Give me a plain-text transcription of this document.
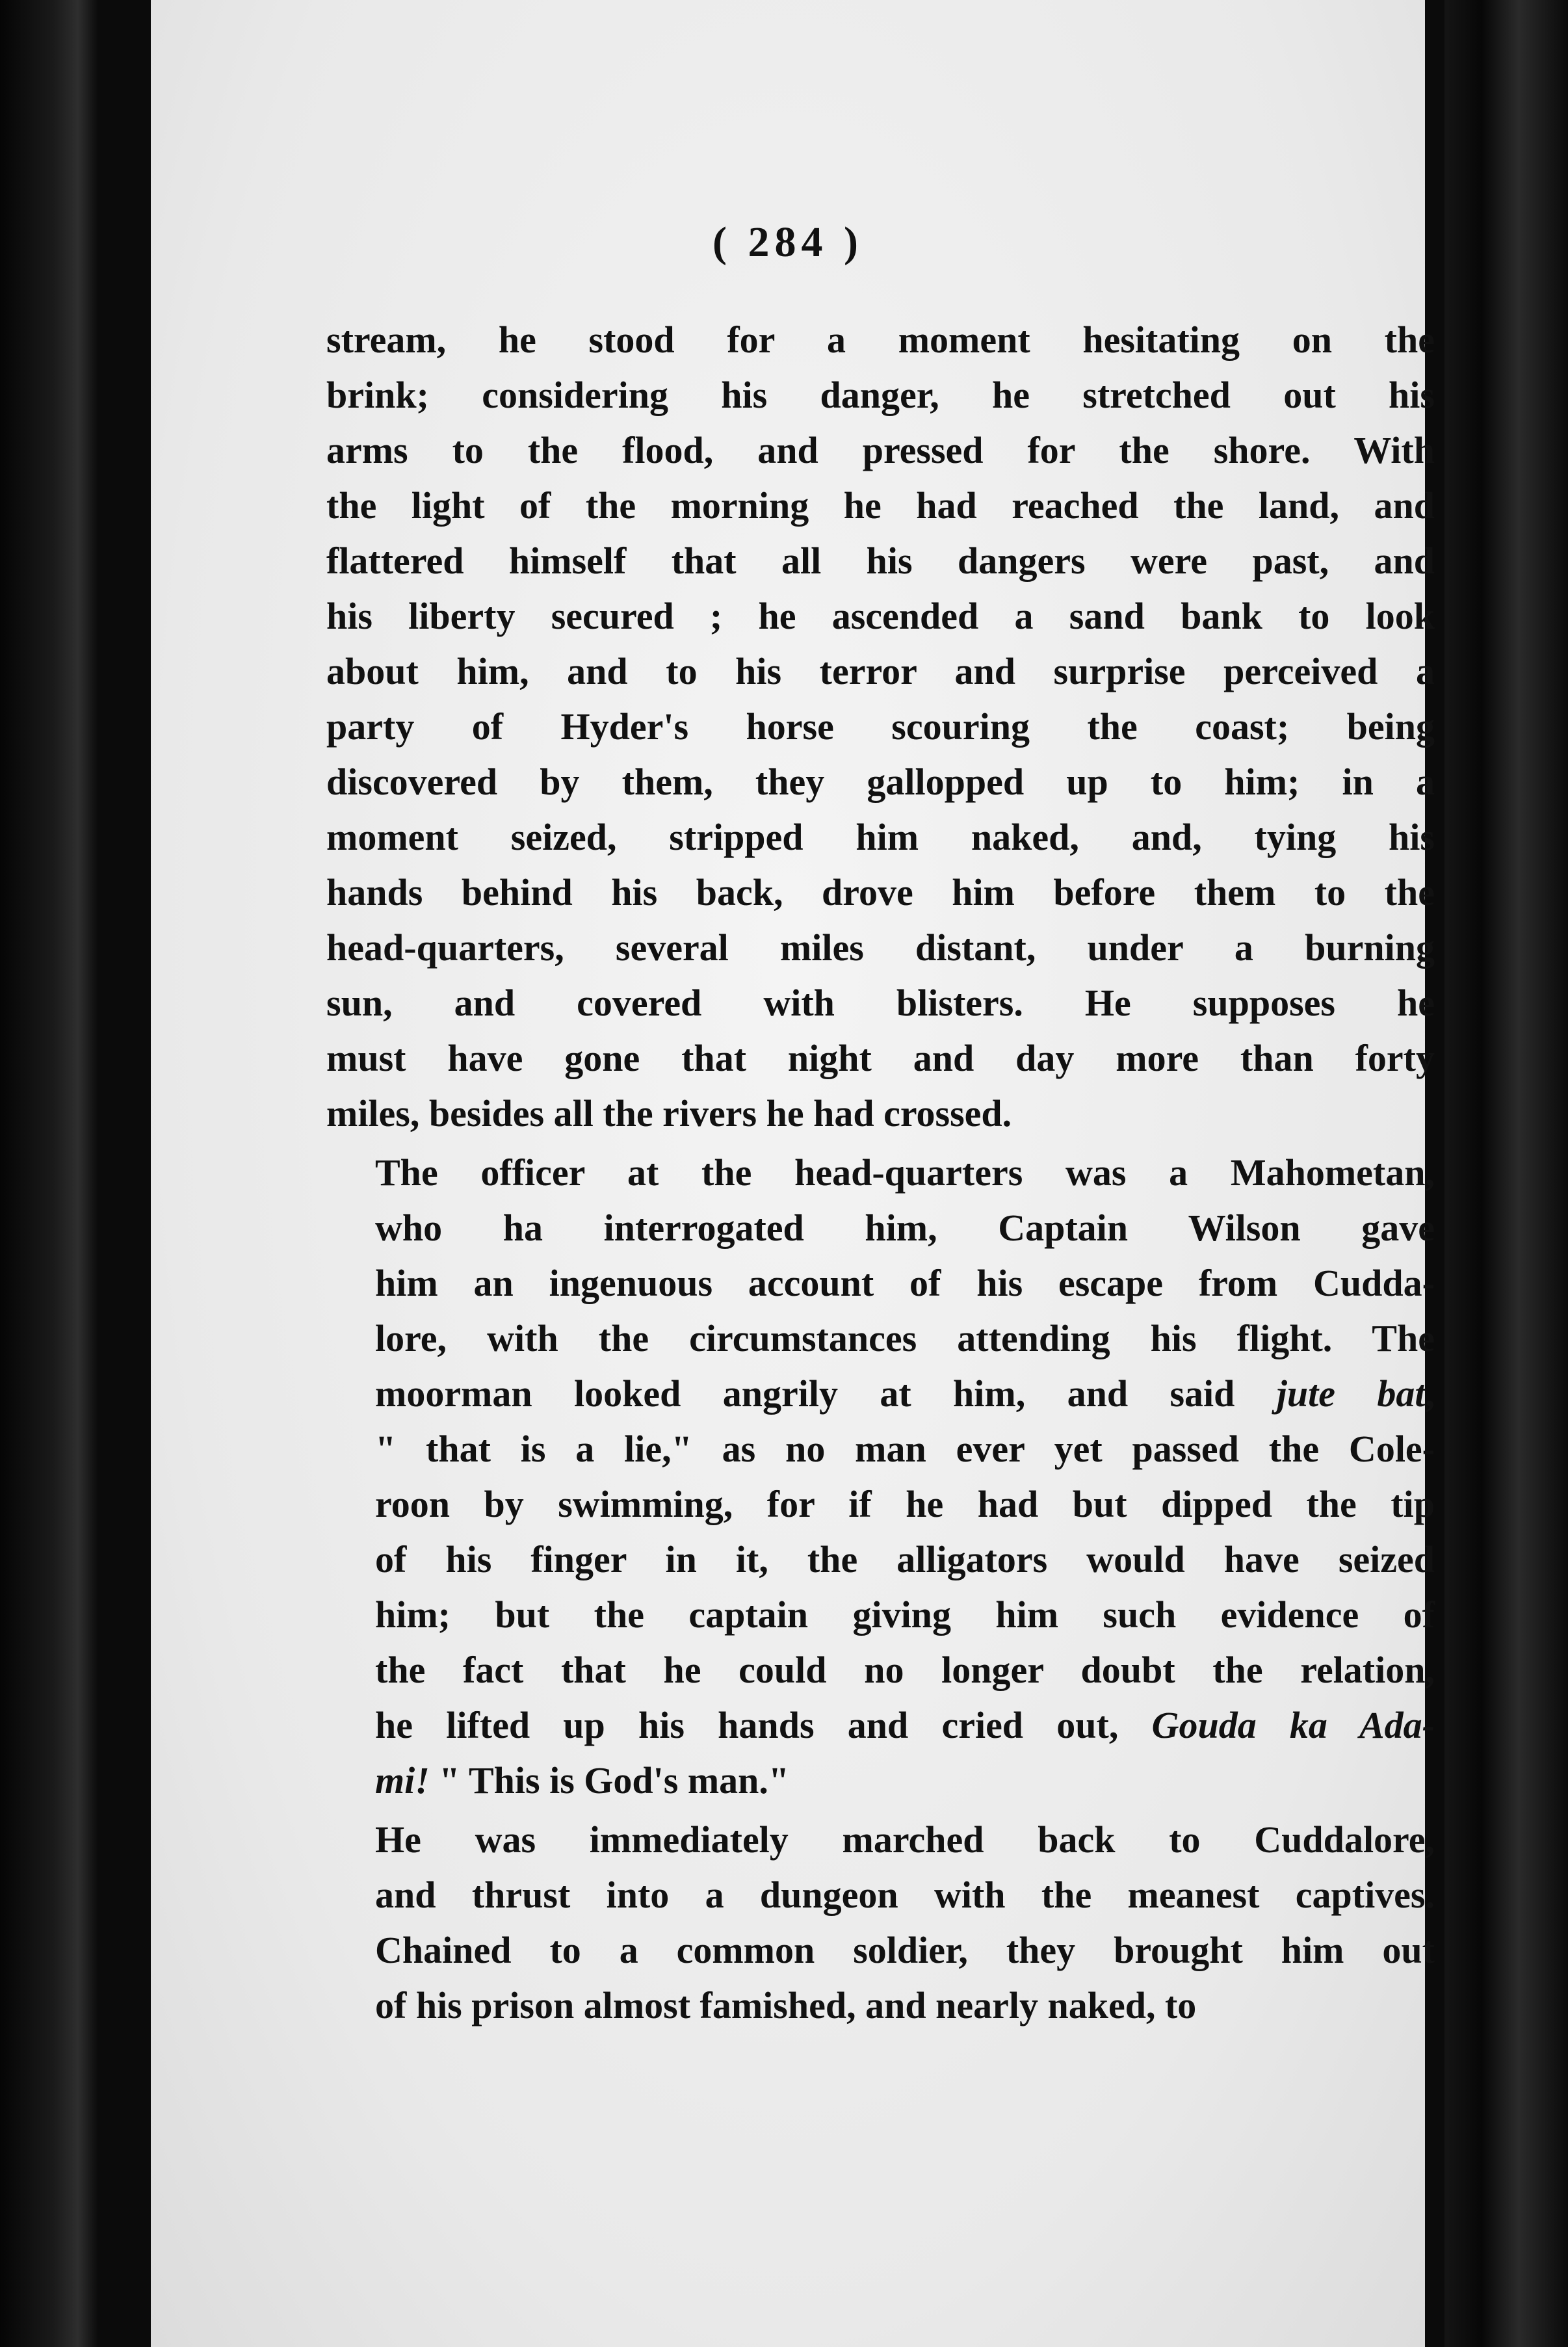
( 284 )
stream, he stood for a moment hesitating on the
brink; considering his danger, he stretched out his
arms to the flood, and pressed for the shore. With
the light of the morning he had reached the land, and
flattered himself that all his dangers were past, and
his liberty secured ; he ascended a sand bank to look
about him, and to his terror and surprise perceived a
party of Hyder's horse scouring the coast; being
discovered by them, they gallopped up to him; in a
moment seized, stripped him naked, and, tying his
hands behind his back, drove him before them to the
head-quarters, several miles distant, under a burning
sun, and covered with blisters. He supposes he
must have gone that night and day more than forty
miles, besides all the rivers he had crossed.
The officer at the head-quarters was a Mahometan,
who ha interrogated him, Captain Wilson gave
him an ingenuous account of his escape from Cudda-
lore, with the circumstances attending his flight. The
moorman looked angrily at him, and said jute bat,
" that is a lie," as no man ever yet passed the Cole-
roon by swimming, for if he had but dipped the tip
of his finger in it, the alligators would have seized
him; but the captain giving him such evidence of
the fact that he could no longer doubt the relation,
he lifted up his hands and cried out, Gouda ka Ada-
mi! " This is God's man."
He was immediately marched back to Cuddalore,
and thrust into a dungeon with the meanest captives.
Chained to a common soldier, they brought him out
of his prison almost famished, and nearly naked, to
